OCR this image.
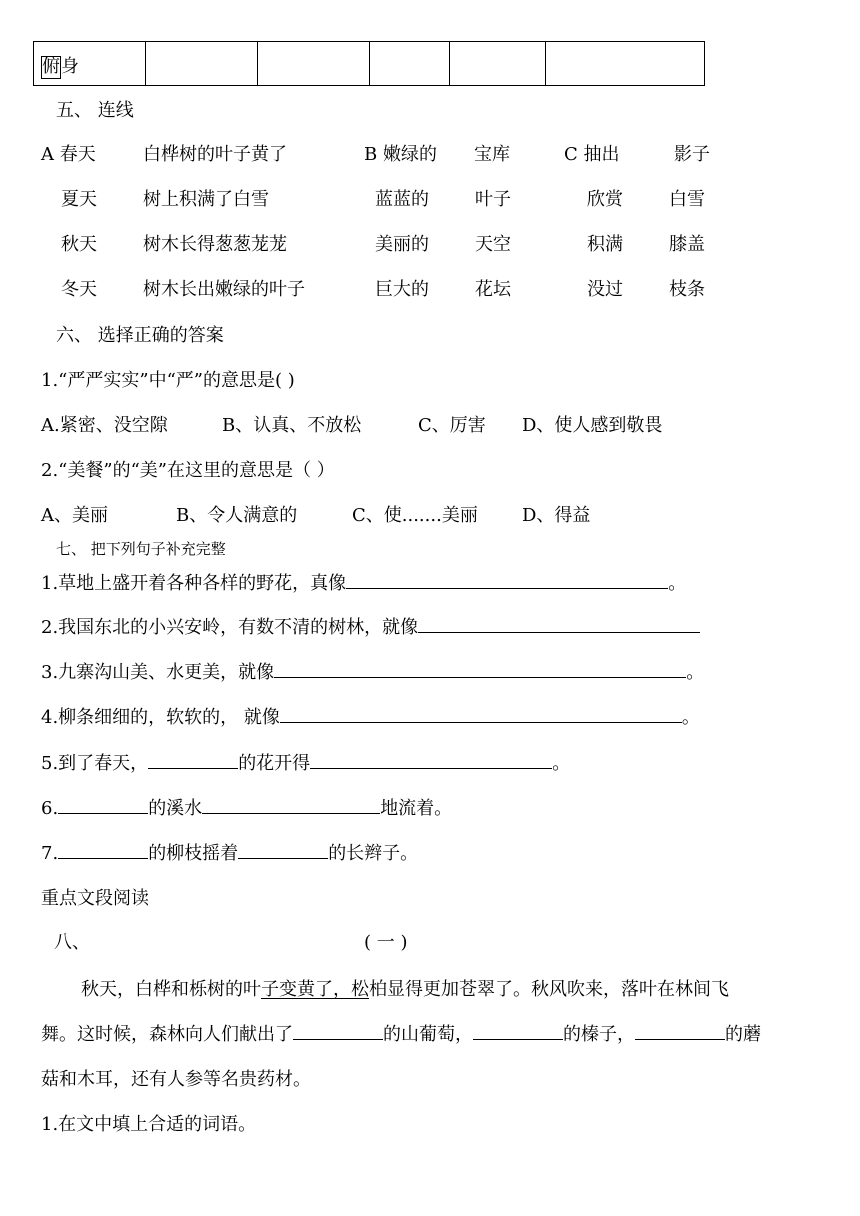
俯身
五、 连线
A 春天	白桦树的叶子黄了	B 嫩绿的 宝库	C 抽出	影子
夏天	树上积满了白雪	蓝蓝的	叶子	欣赏	白雪
秋天	树木长得葱葱茏茏	美丽的	天空	积满	膝盖
冬天	树木长出嫩绿的叶子	巨大的	花坛	没过	枝条
六、 选择正确的答案
1.“严严实实”中“严”的意思是( )
A.紧密、没空隙	B、认真、不放松	C、厉害 D、使人感到敬畏
2.“美餐”的“美”在这里的意思是（ ）
A、美丽	B、令人满意的	C、使.......美丽 D、得益
七、 把下列句子补充完整
1.草地上盛开着各种各样的野花，真像	。
2.我国东北的小兴安岭，有数不清的树林，就像
3.九寨沟山美、水更美，就像	。
4.柳条细细的，软软的， 就像	。
5.到了春天，	的花开得	。
6.	的溪水	地流着。
7.	的柳枝摇着	的长辫子。
重点文段阅读
八、	( 一 )
秋天，白桦和栎树的叶子变黄了，松柏显得更加苍翠了。秋风吹来，落叶在林间飞
舞。这时候，森林向人们献出了	的山葡萄，	的榛子，	的蘑
菇和木耳，还有人参等名贵药材。
1.在文中填上合适的词语。
